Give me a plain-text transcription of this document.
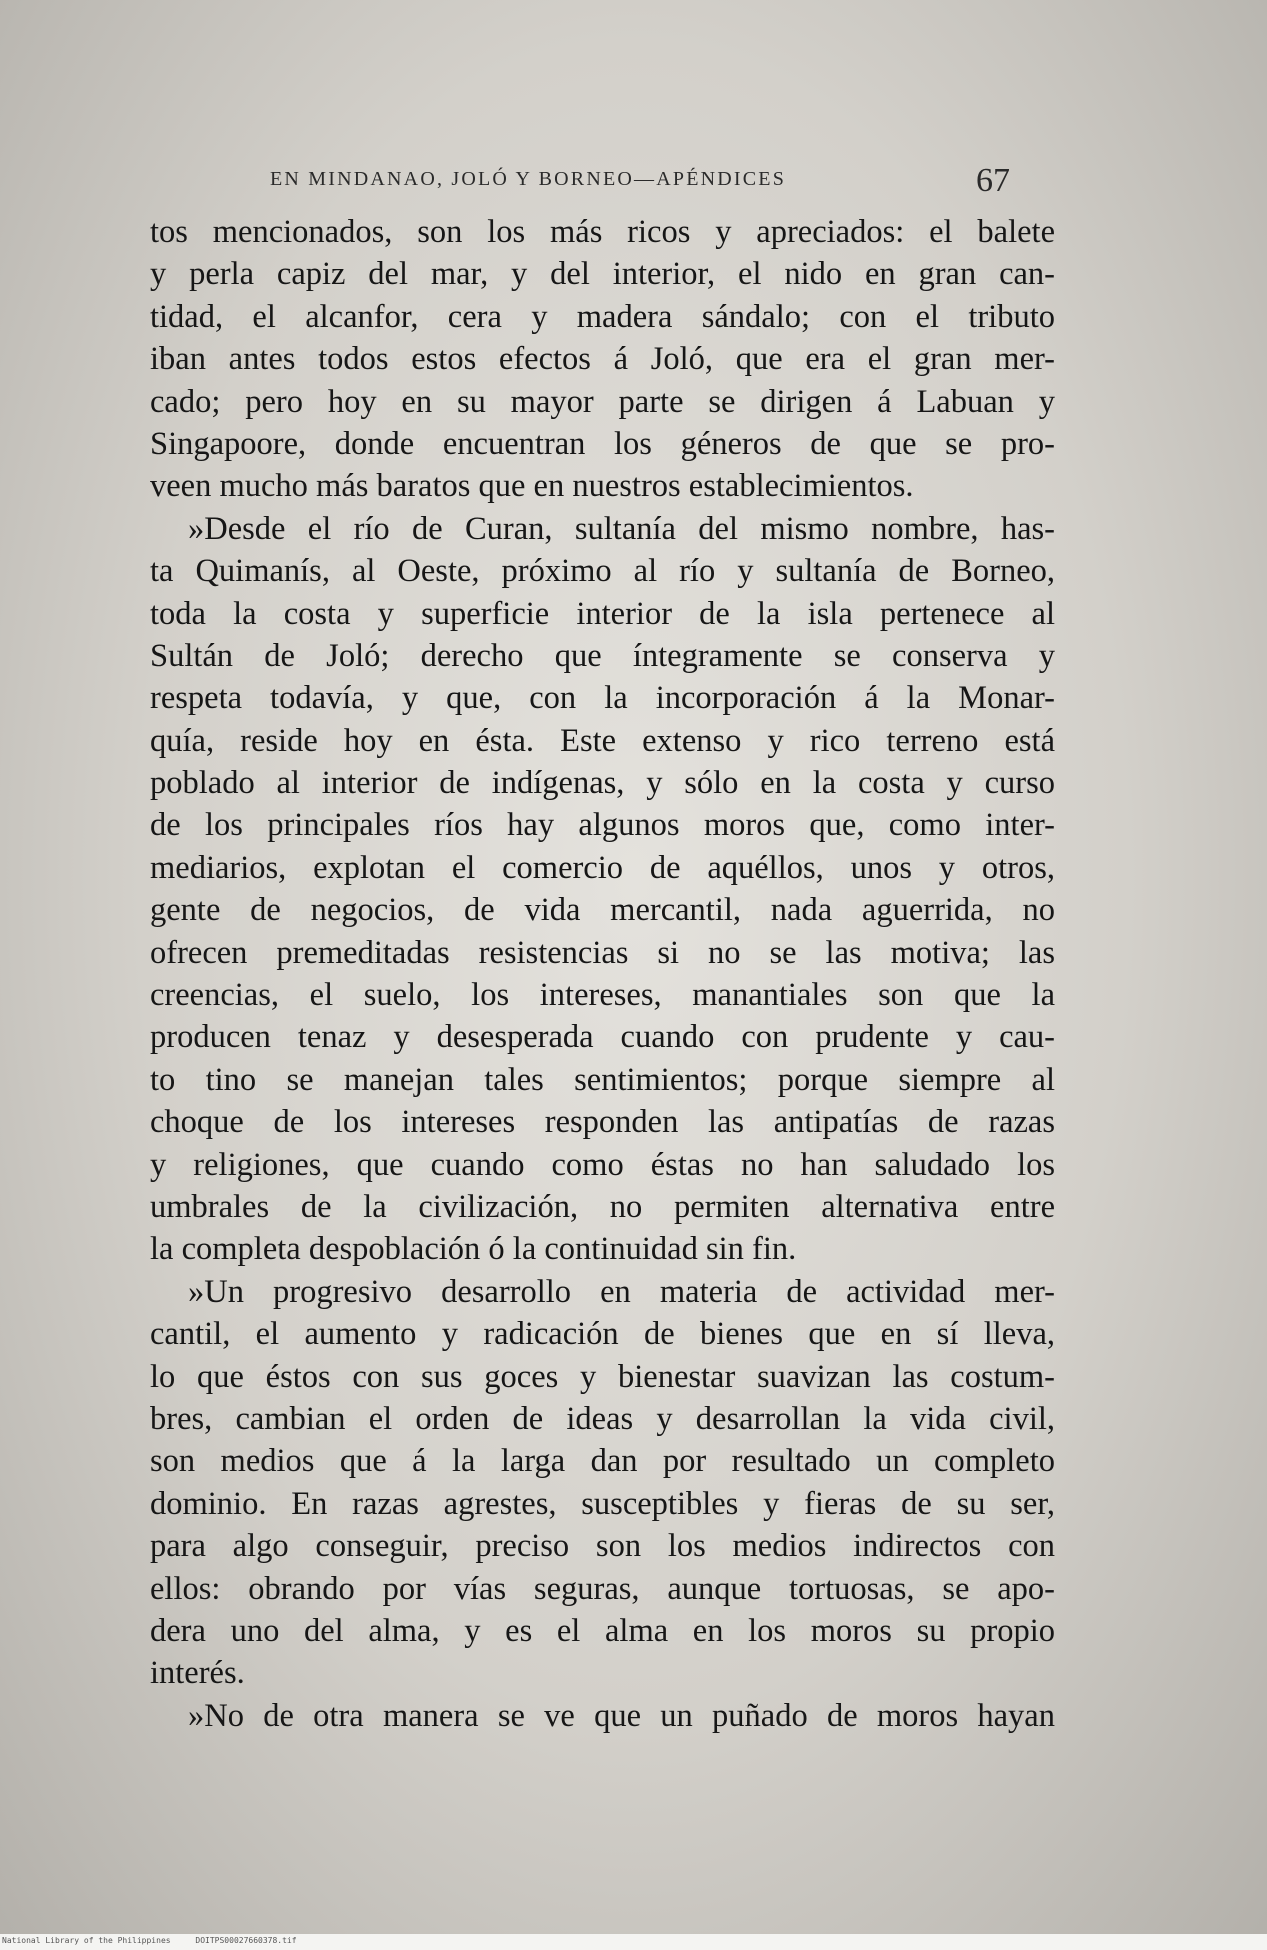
EN MINDANAO, JOLÓ Y BORNEO—APÉNDICES	67
tos mencionados, son los más ricos y apreciados: el balete
y perla capiz del mar, y del interior, el nido en gran can-
tidad, el alcanfor, cera y madera sándalo; con el tributo
iban antes todos estos efectos á Joló, que era el gran mer-
cado; pero hoy en su mayor parte se dirigen á Labuan y
Singapoore, donde encuentran los géneros de que se pro-
veen mucho más baratos que en nuestros establecimientos.
»Desde el río de Curan, sultanía del mismo nombre, has-
ta Quimanís, al Oeste, próximo al río y sultanía de Borneo,
toda la costa y superficie interior de la isla pertenece al
Sultán de Joló; derecho que íntegramente se conserva y
respeta todavía, y que, con la incorporación á la Monar-
quía, reside hoy en ésta. Este extenso y rico terreno está
poblado al interior de indígenas, y sólo en la costa y curso
de los principales ríos hay algunos moros que, como inter-
mediarios, explotan el comercio de aquéllos, unos y otros,
gente de negocios, de vida mercantil, nada aguerrida, no
ofrecen premeditadas resistencias si no se las motiva; las
creencias, el suelo, los intereses, manantiales son que la
producen tenaz y desesperada cuando con prudente y cau-
to tino se manejan tales sentimientos; porque siempre al
choque de los intereses responden las antipatías de razas
y religiones, que cuando como éstas no han saludado los
umbrales de la civilización, no permiten alternativa entre
la completa despoblación ó la continuidad sin fin.
»Un progresivo desarrollo en materia de actividad mer-
cantil, el aumento y radicación de bienes que en sí lleva,
lo que éstos con sus goces y bienestar suavizan las costum-
bres, cambian el orden de ideas y desarrollan la vida civil,
son medios que á la larga dan por resultado un completo
dominio. En razas agrestes, susceptibles y fieras de su ser,
para algo conseguir, preciso son los medios indirectos con
ellos: obrando por vías seguras, aunque tortuosas, se apo-
dera uno del alma, y es el alma en los moros su propio
interés.
»No de otra manera se ve que un puñado de moros hayan
National Library of the Philippines	DOITPS00027660378.tif
